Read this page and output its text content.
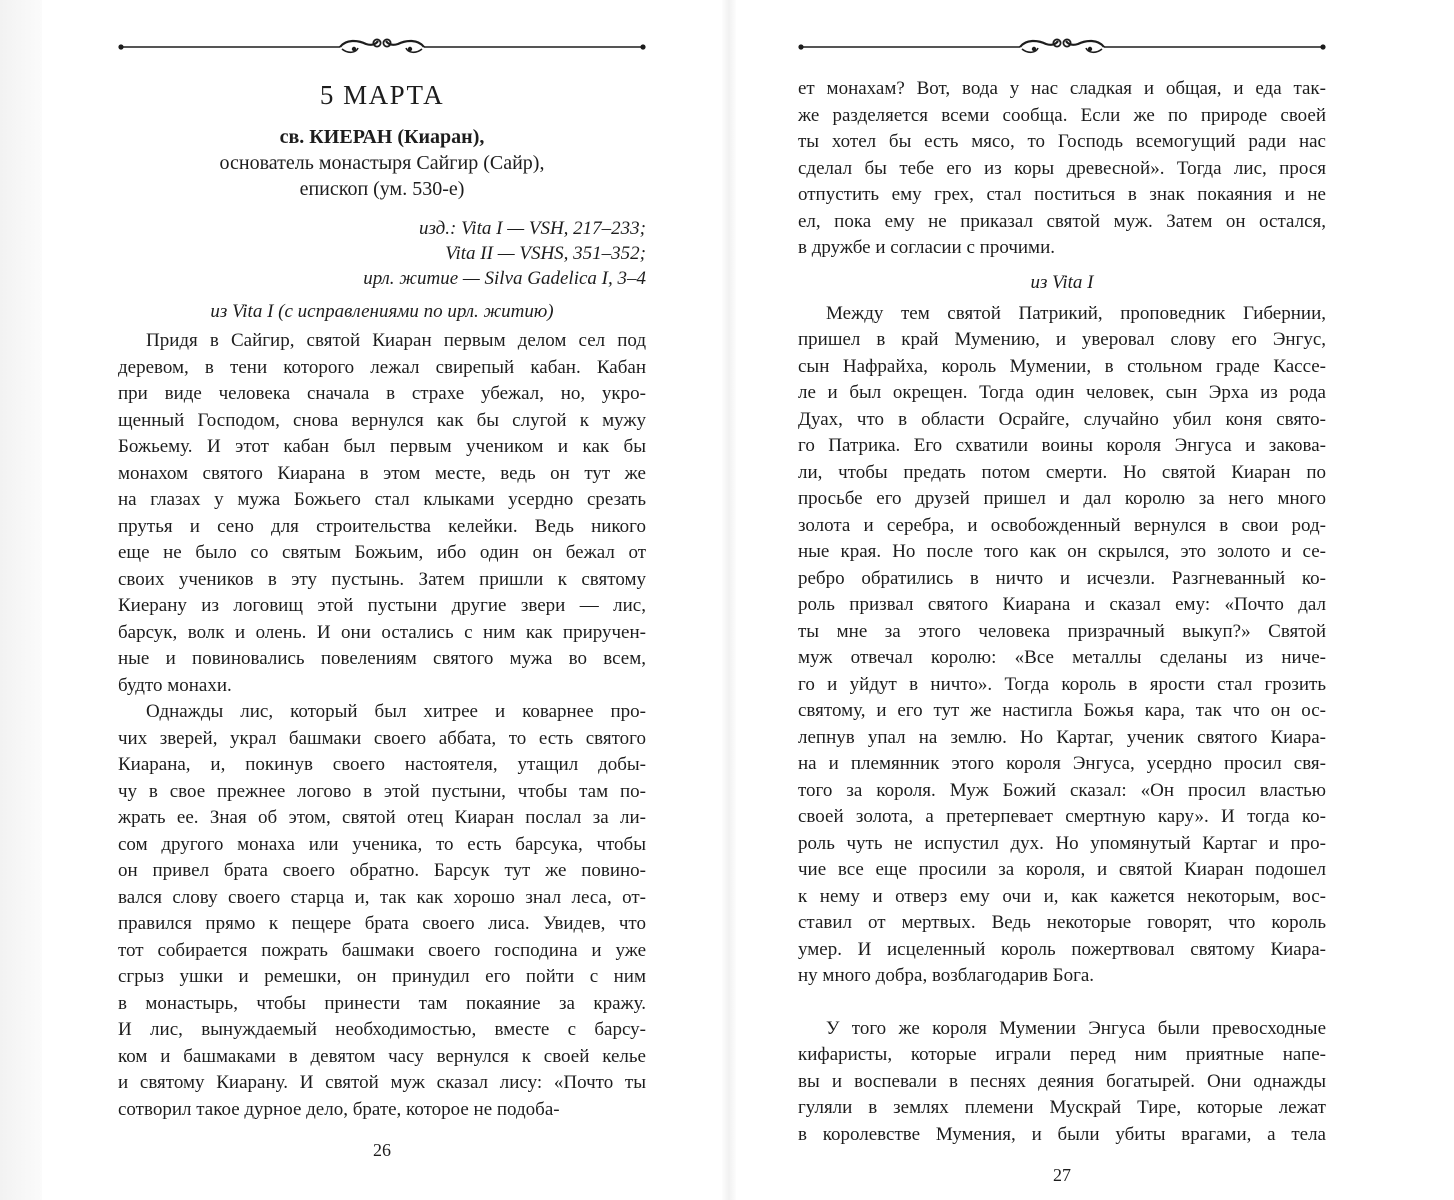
5 МАРТА
св. КИЕРАН (Киаран),
основатель монастыря Сайгир (Сайр),
епископ (ум. 530-е)
изд.: Vita I — VSH, 217–233;
Vita II — VSHS, 351–352;
ирл. житие — Silva Gadelica I, 3–4
из Vita I (с исправлениями по ирл. житию)
Придя в Сайгир, святой Киаран первым делом сел под
деревом, в тени которого лежал свирепый кабан. Кабан
при виде человека сначала в страхе убежал, но, укро-
щенный Господом, снова вернулся как бы слугой к мужу
Божьему. И этот кабан был первым учеником и как бы
монахом святого Киарана в этом месте, ведь он тут же
на глазах у мужа Божьего стал клыками усердно срезать
прутья и сено для строительства келейки. Ведь никого
еще не было со святым Божьим, ибо один он бежал от
своих учеников в эту пустынь. Затем пришли к святому
Киерану из логовищ этой пустыни другие звери — лис,
барсук, волк и олень. И они остались с ним как приручен-
ные и повиновались повелениям святого мужа во всем,
будто монахи.
Однажды лис, который был хитрее и коварнее про-
чих зверей, украл башмаки своего аббата, то есть святого
Киарана, и, покинув своего настоятеля, утащил добы-
чу в свое прежнее логово в этой пустыни, чтобы там по-
жрать ее. Зная об этом, святой отец Киаран послал за ли-
сом другого монаха или ученика, то есть барсука, чтобы
он привел брата своего обратно. Барсук тут же повино-
вался слову своего старца и, так как хорошо знал леса, от-
правился прямо к пещере брата своего лиса. Увидев, что
тот собирается пожрать башмаки своего господина и уже
сгрыз ушки и ремешки, он принудил его пойти с ним
в монастырь, чтобы принести там покаяние за кражу.
И лис, вынуждаемый необходимостью, вместе с барсу-
ком и башмаками в девятом часу вернулся к своей келье
и святому Киарану. И святой муж сказал лису: «Почто ты
сотворил такое дурное дело, брате, которое не подоба-
26
ет монахам? Вот, вода у нас сладкая и общая, и еда так-
же разделяется всеми сообща. Если же по природе своей
ты хотел бы есть мясо, то Господь всемогущий ради нас
сделал бы тебе его из коры древесной». Тогда лис, прося
отпустить ему грех, стал поститься в знак покаяния и не
ел, пока ему не приказал святой муж. Затем он остался,
в дружбе и согласии с прочими.
из Vita I
Между тем святой Патрикий, проповедник Гибернии,
пришел в край Мумению, и уверовал слову его Энгус,
сын Нафрайха, король Мумении, в стольном граде Кассе-
ле и был окрещен. Тогда один человек, сын Эрха из рода
Дуах, что в области Осрайге, случайно убил коня свято-
го Патрика. Его схватили воины короля Энгуса и закова-
ли, чтобы предать потом смерти. Но святой Киаран по
просьбе его друзей пришел и дал королю за него много
золота и серебра, и освобожденный вернулся в свои род-
ные края. Но после того как он скрылся, это золото и се-
ребро обратились в ничто и исчезли. Разгневанный ко-
роль призвал святого Киарана и сказал ему: «Почто дал
ты мне за этого человека призрачный выкуп?» Святой
муж отвечал королю: «Все металлы сделаны из ниче-
го и уйдут в ничто». Тогда король в ярости стал грозить
святому, и его тут же настигла Божья кара, так что он ос-
лепнув упал на землю. Но Картаг, ученик святого Киара-
на и племянник этого короля Энгуса, усердно просил свя-
того за короля. Муж Божий сказал: «Он просил властью
своей золота, а претерпевает смертную кару». И тогда ко-
роль чуть не испустил дух. Но упомянутый Картаг и про-
чие все еще просили за короля, и святой Киаран подошел
к нему и отверз ему очи и, как кажется некоторым, вос-
ставил от мертвых. Ведь некоторые говорят, что король
умер. И исцеленный король пожертвовал святому Киара-
ну много добра, возблагодарив Бога.
У того же короля Мумении Энгуса были превосходные
кифаристы, которые играли перед ним приятные напе-
вы и воспевали в песнях деяния богатырей. Они однажды
гуляли в землях племени Мускрай Тире, которые лежат
в королевстве Мумения, и были убиты врагами, а тела
27
